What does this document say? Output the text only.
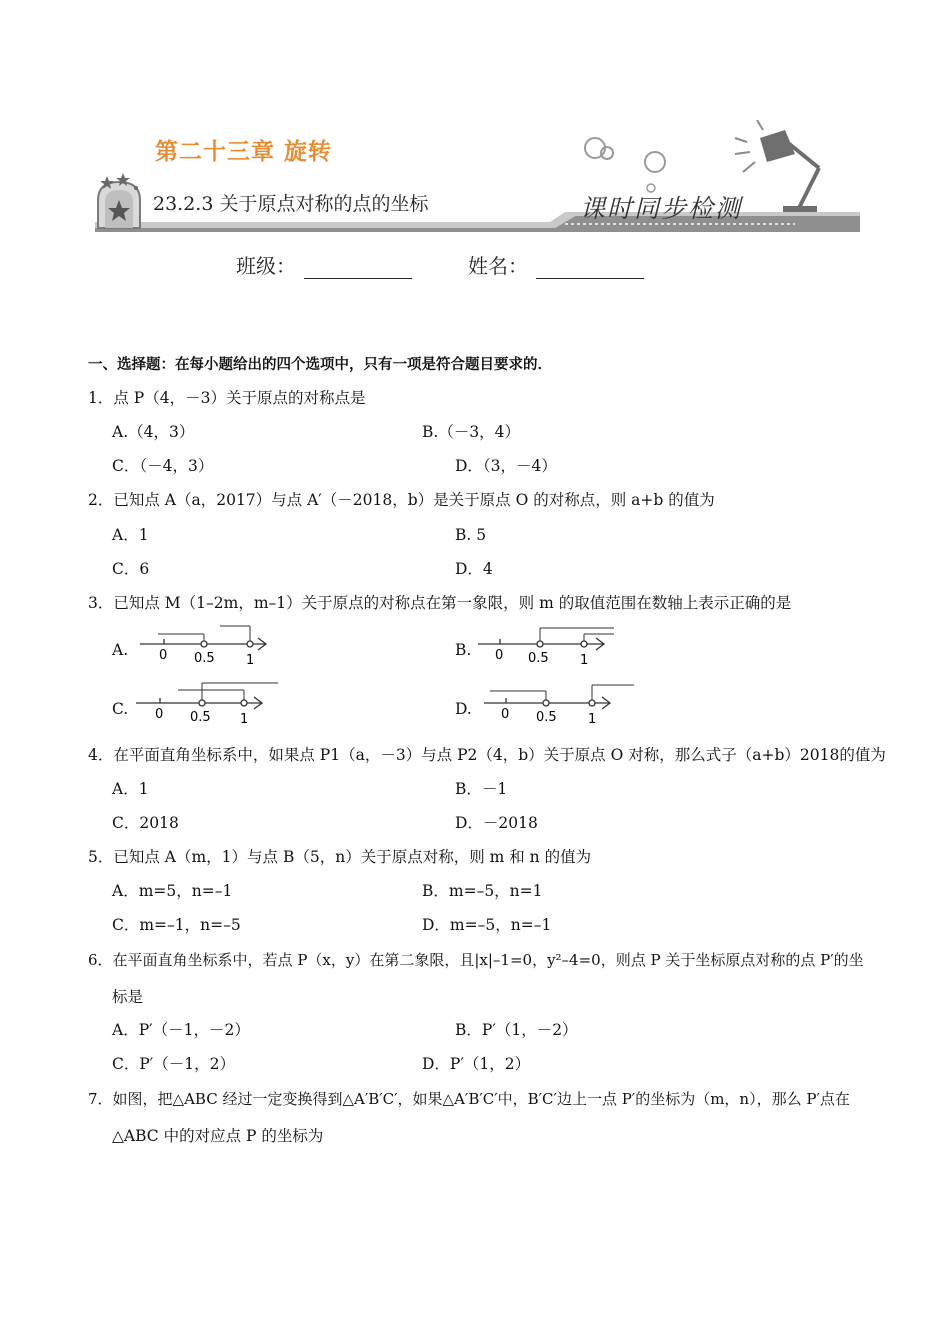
第二十三章 旋转
23.2.3 关于原点对称的点的坐标	课时同步检测
班级：	姓名：
一、选择题：在每小题给出的四个选项中，只有一项是符合题目要求的．
1．点 P（4，－3）关于原点的对称点是
A.（4，3）	B.（－3，4）
C．（－4，3）	D．（3，－4）
2．已知点 A（a，2017）与点 A′（－2018，b）是关于原点 O 的对称点，则 a+b 的值为
A．1	B. 5
C．6	D．4
3．已知点 M（1–2m，m–1）关于原点的对称点在第一象限，则 m 的取值范围在数轴上表示正确的是
A. 0 0.5 1
B. 0 0.5 1
C. 0 0.5 1
D. 0 0.5 1
4．在平面直角坐标系中，如果点 P1（a，－3）与点 P2（4，b）关于原点 O 对称，那么式子（a+b）2018的值为
A．1	B．－1
C．2018	D．－2018
5．已知点 A（m，1）与点 B（5，n）关于原点对称，则 m 和 n 的值为
A．m=5，n=–1	B．m=–5，n=1
C．m=–1，n=–5	D．m=–5，n=–1
6．在平面直角坐标系中，若点 P（x，y）在第二象限，且|x|–1=0，y²–4=0，则点 P 关于坐标原点对称的点 P′的坐
标是
A．P′（－1，－2）	B．P′（1，－2）
C．P′（－1，2）	D．P′（1，2）
7．如图，把△ABC 经过一定变换得到△A′B′C′，如果△A′B′C′中，B′C′边上一点 P′的坐标为（m，n），那么 P′点在
△ABC 中的对应点 P 的坐标为
